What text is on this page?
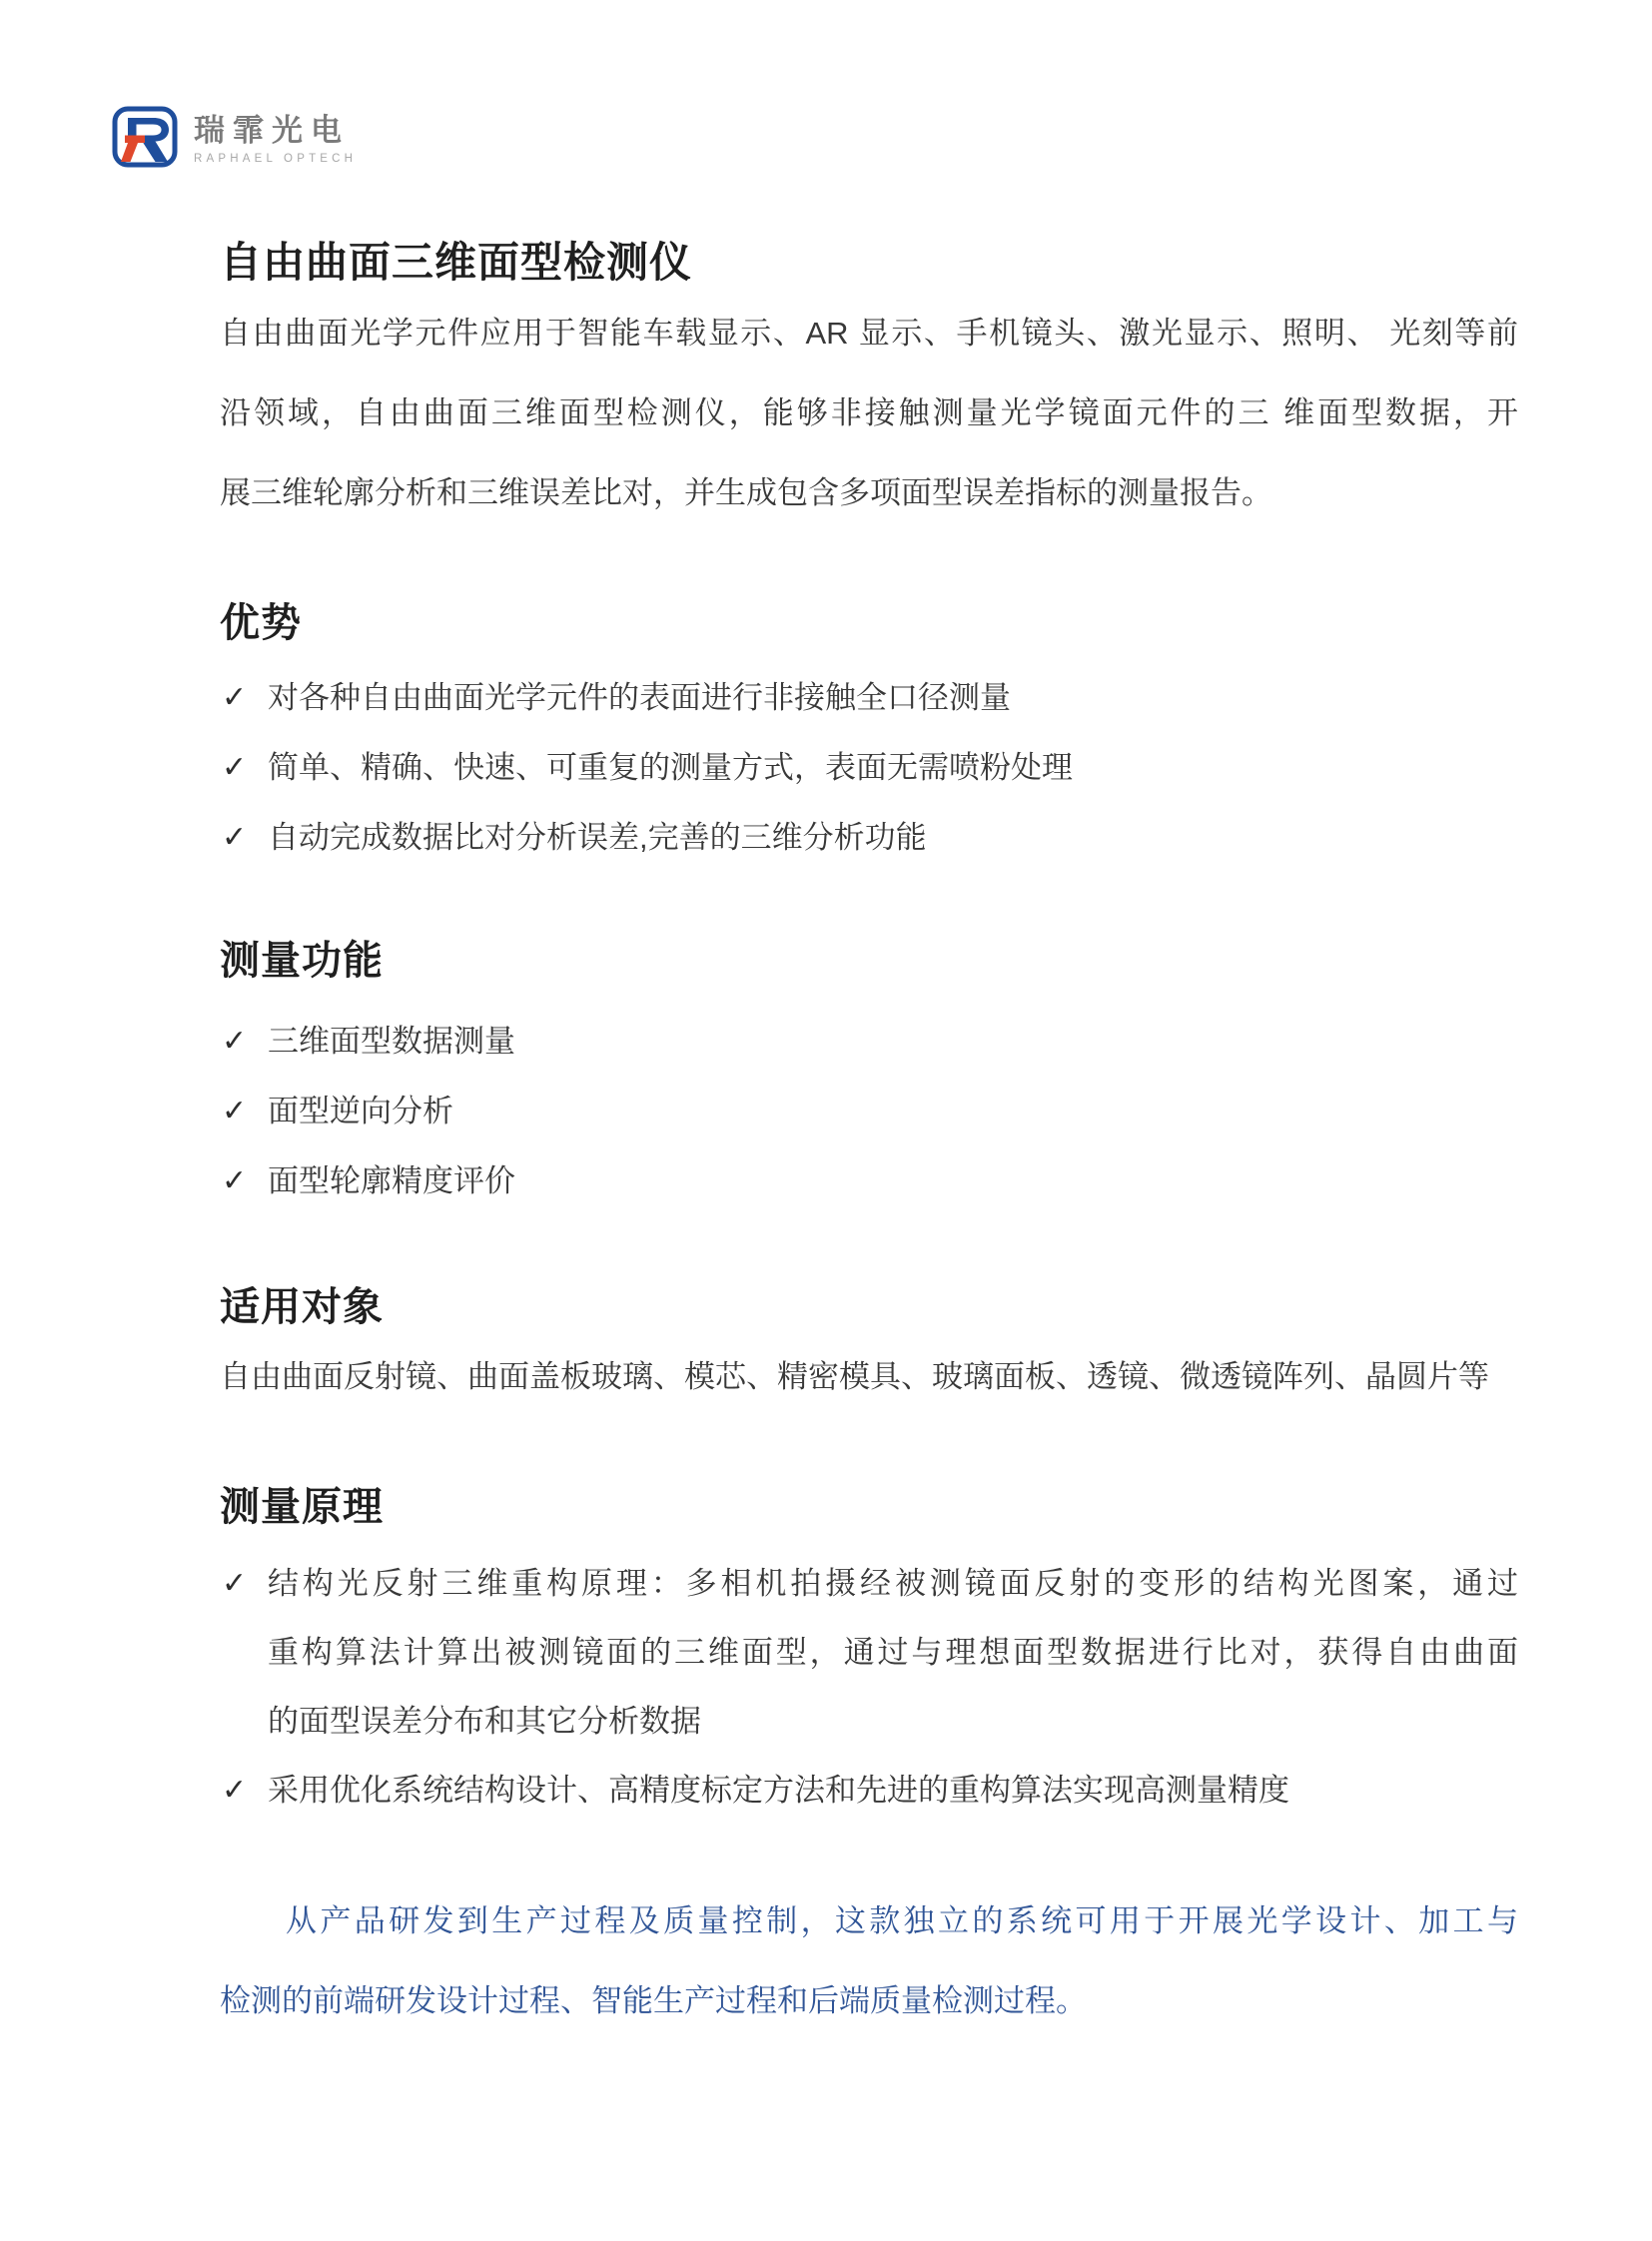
瑞霏光电
RAPHAEL OPTECH
自由曲面三维面型检测仪

自由曲面光学元件应用于智能车载显示、AR 显示、手机镜头、激光显示、照明、 光刻等前
沿领域，自由曲面三维面型检测仪，能够非接触测量光学镜面元件的三 维面型数据，开
展三维轮廓分析和三维误差比对，并生成包含多项面型误差指标的测量报告。

优势
✓ 对各种自由曲面光学元件的表面进行非接触全口径测量
✓ 简单、精确、快速、可重复的测量方式，表面无需喷粉处理
✓ 自动完成数据比对分析误差,完善的三维分析功能
测量功能
✓ 三维面型数据测量
✓ 面型逆向分析
✓ 面型轮廓精度评价
适用对象

自由曲面反射镜、曲面盖板玻璃、模芯、精密模具、玻璃面板、透镜、微透镜阵列、晶圆片等

测量原理
✓ 结构光反射三维重构原理：多相机拍摄经被测镜面反射的变形的结构光图案，通过
重构算法计算出被测镜面的三维面型，通过与理想面型数据进行比对，获得自由曲面
的面型误差分布和其它分析数据
✓ 采用优化系统结构设计、高精度标定方法和先进的重构算法实现高测量精度

从产品研发到生产过程及质量控制，这款独立的系统可用于开展光学设计、加工与
检测的前端研发设计过程、智能生产过程和后端质量检测过程。
